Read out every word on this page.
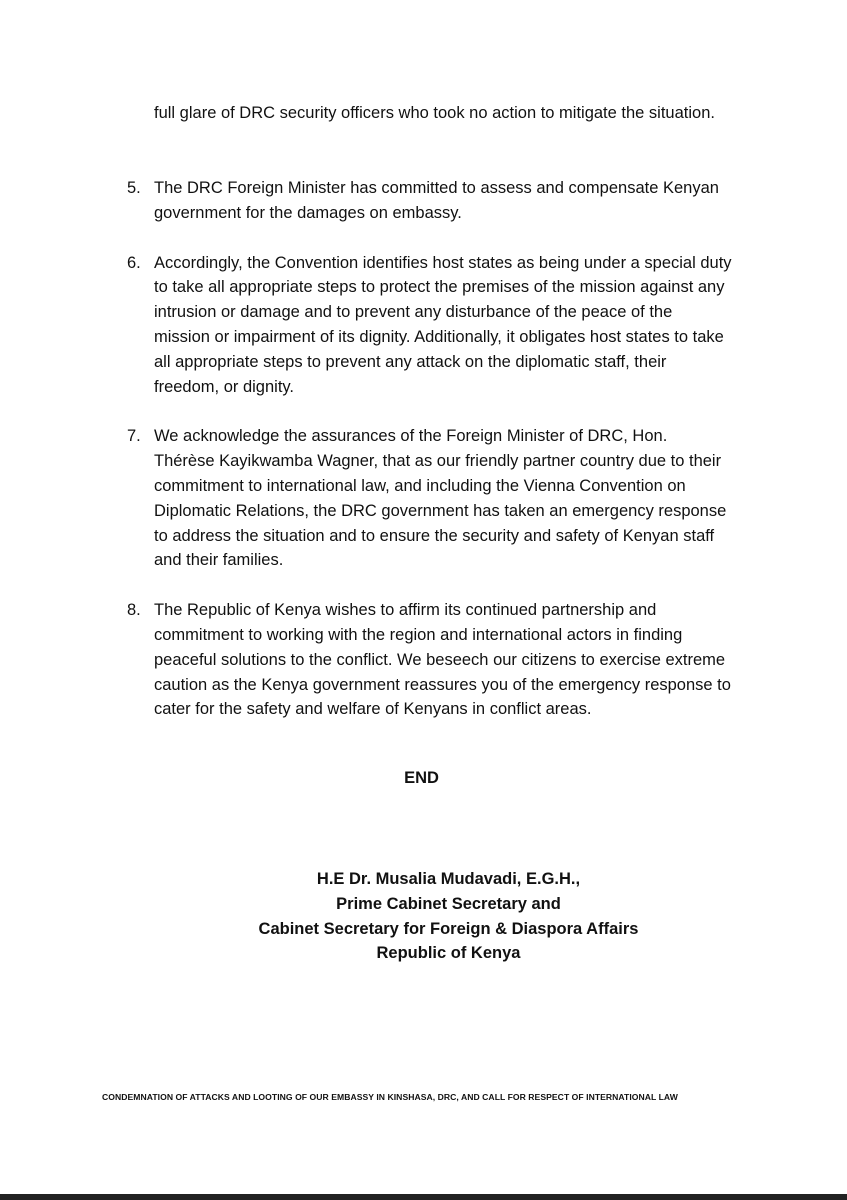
full glare of DRC security officers who took no action to mitigate the situation.

5. The DRC Foreign Minister has committed to assess and compensate Kenyan government for the damages on embassy.
6. Accordingly, the Convention identifies host states as being under a special duty to take all appropriate steps to protect the premises of the mission against any intrusion or damage and to prevent any disturbance of the peace of the mission or impairment of its dignity. Additionally, it obligates host states to take all appropriate steps to prevent any attack on the diplomatic staff, their freedom, or dignity.
7. We acknowledge the assurances of the Foreign Minister of DRC, Hon. Thérèse Kayikwamba Wagner, that as our friendly partner country due to their commitment to international law, and including the Vienna Convention on Diplomatic Relations, the DRC government has taken an emergency response to address the situation and to ensure the security and safety of Kenyan staff and their families.
8. The Republic of Kenya wishes to affirm its continued partnership and commitment to working with the region and international actors in finding peaceful solutions to the conflict. We beseech our citizens to exercise extreme caution as the Kenya government reassures you of the emergency response to cater for the safety and welfare of Kenyans in conflict areas.

END

H.E Dr. Musalia Mudavadi, E.G.H.,
Prime Cabinet Secretary and
Cabinet Secretary for Foreign & Diaspora Affairs
Republic of Kenya

CONDEMNATION OF ATTACKS AND LOOTING OF OUR EMBASSY IN KINSHASA, DRC, AND CALL FOR RESPECT OF INTERNATIONAL LAW
